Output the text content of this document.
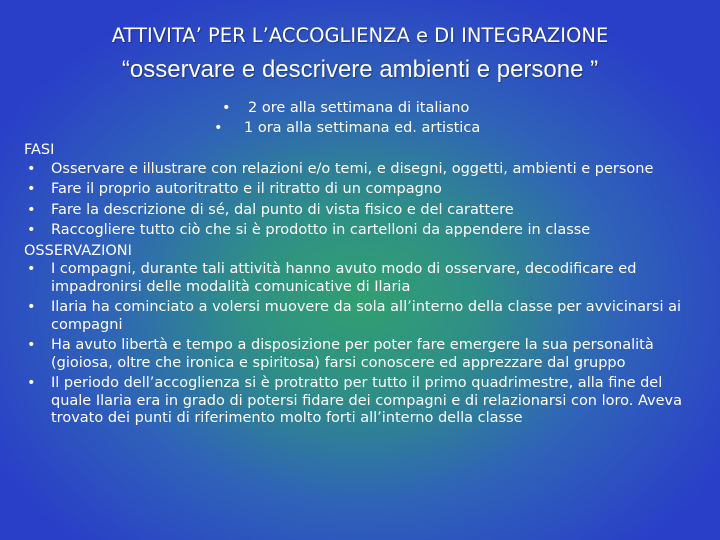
ATTIVITA’ PER L’ACCOGLIENZA e DI INTEGRAZIONE
“osservare e descrivere ambienti e persone ”
• 2 ore alla settimana di italiano
• 1 ora alla settimana ed. artistica
FASI
• Osservare e illustrare con relazioni e/o temi, e disegni, oggetti, ambienti e persone
• Fare il proprio autoritratto e il ritratto di un compagno
• Fare la descrizione di sé, dal punto di vista fisico e del carattere
• Raccogliere tutto ciò che si è prodotto in cartelloni da appendere in classe
OSSERVAZIONI
• I compagni, durante tali attività hanno avuto modo di osservare, decodificare ed impadronirsi delle modalità comunicative di Ilaria
• Ilaria ha cominciato a volersi muovere da sola all’interno della classe per avvicinarsi ai compagni
• Ha avuto libertà e tempo a disposizione per poter fare emergere la sua personalità (gioiosa, oltre che ironica e spiritosa) farsi conoscere ed apprezzare dal gruppo
• Il periodo dell’accoglienza si è protratto per tutto il primo quadrimestre, alla fine del quale Ilaria era in grado di potersi fidare dei compagni e di relazionarsi con loro. Aveva trovato dei punti di riferimento molto forti all’interno della classe
